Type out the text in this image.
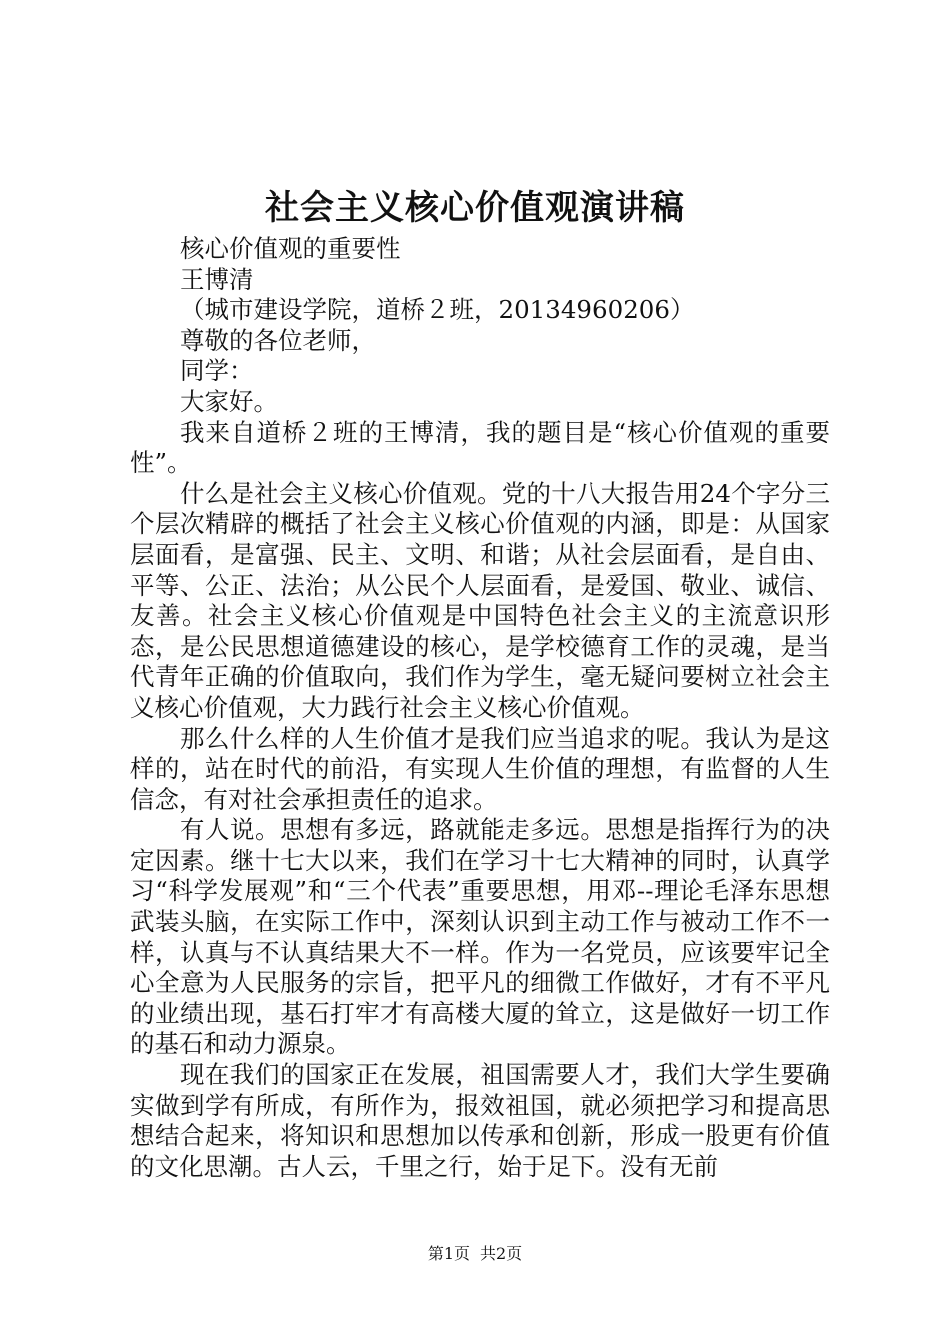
社会主义核心价值观演讲稿
核心价值观的重要性
王博清
（城市建设学院，道桥２班，20134960206）
尊敬的各位老师，
同学：
大家好。
我来自道桥２班的王博清，我的题目是“核心价值观的重要性”。
什么是社会主义核心价值观。党的十八大报告用24个字分三个层次精辟的概括了社会主义核心价值观的内涵，即是：从国家层面看，是富强、民主、文明、和谐；从社会层面看，是自由、平等、公正、法治；从公民个人层面看，是爱国、敬业、诚信、友善。社会主义核心价值观是中国特色社会主义的主流意识形态，是公民思想道德建设的核心，是学校德育工作的灵魂，是当代青年正确的价值取向，我们作为学生，毫无疑问要树立社会主义核心价值观，大力践行社会主义核心价值观。
那么什么样的人生价值才是我们应当追求的呢。我认为是这样的，站在时代的前沿，有实现人生价值的理想，有监督的人生信念，有对社会承担责任的追求。
有人说。思想有多远，路就能走多远。思想是指挥行为的决定因素。继十七大以来，我们在学习十七大精神的同时，认真学习“科学发展观”和“三个代表”重要思想，用邓--理论毛泽东思想武装头脑，在实际工作中，深刻认识到主动工作与被动工作不一样，认真与不认真结果大不一样。作为一名党员，应该要牢记全心全意为人民服务的宗旨，把平凡的细微工作做好，才有不平凡的业绩出现，基石打牢才有高楼大厦的耸立，这是做好一切工作的基石和动力源泉。
现在我们的国家正在发展，祖国需要人才，我们大学生要确实做到学有所成，有所作为，报效祖国，就必须把学习和提高思想结合起来，将知识和思想加以传承和创新，形成一股更有价值的文化思潮。古人云，千里之行，始于足下。没有无前
第1页 共2页
